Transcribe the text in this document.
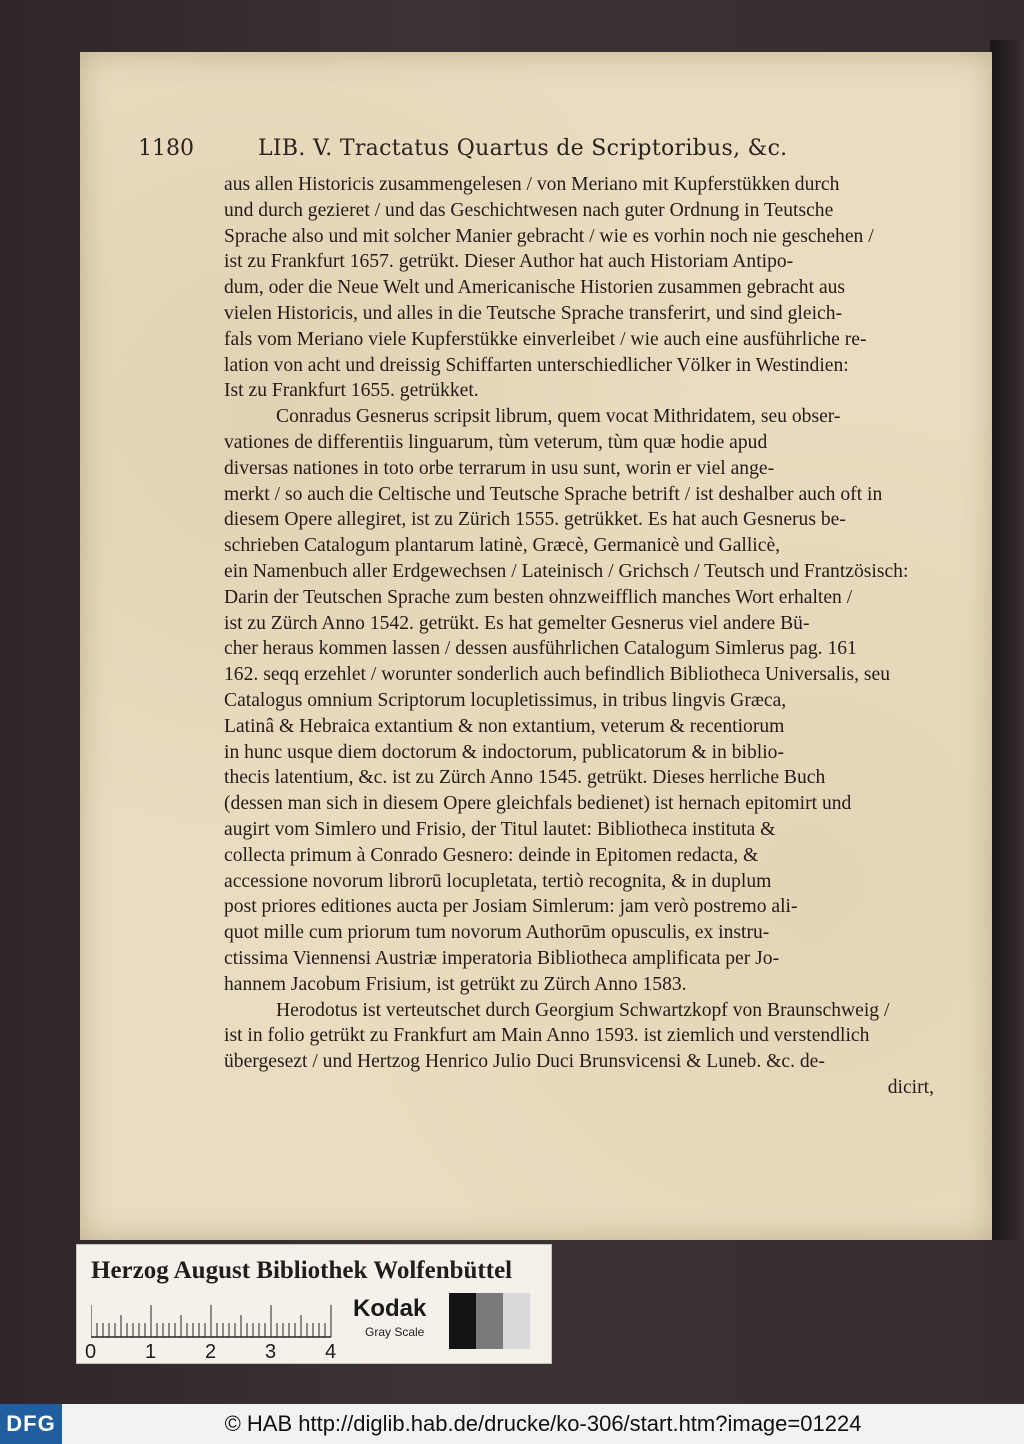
1180	LIB. V. Tractatus Quartus de Scriptoribus, &c.
aus allen Historicis zusammengelesen / von Meriano mit Kupferstükken durch
und durch gezieret / und das Geschichtwesen nach guter Ordnung in Teutsche
Sprache also und mit solcher Manier gebracht / wie es vorhin noch nie geschehen /
ist zu Frankfurt 1657. getrükt. Dieser Author hat auch Historiam Antipo-
dum, oder die Neue Welt und Americanische Historien zusammen gebracht aus
vielen Historicis, und alles in die Teutsche Sprache transferirt, und sind gleich-
fals vom Meriano viele Kupferstükke einverleibet / wie auch eine ausführliche re-
lation von acht und dreissig Schiffarten unterschiedlicher Völker in Westindien:
Ist zu Frankfurt 1655. getrükket.
Conradus Gesnerus scripsit librum, quem vocat Mithridatem, seu obser-
vationes de differentiis linguarum, tùm veterum, tùm quæ hodie apud
diversas nationes in toto orbe terrarum in usu sunt, worin er viel ange-
merkt / so auch die Celtische und Teutsche Sprache betrift / ist deshalber auch oft in
diesem Opere allegiret, ist zu Zürich 1555. getrükket. Es hat auch Gesnerus be-
schrieben Catalogum plantarum latinè, Græcè, Germanicè und Gallicè,
ein Namenbuch aller Erdgewechsen / Lateinisch / Grichsch / Teutsch und Frantzösisch:
Darin der Teutschen Sprache zum besten ohnzweifflich manches Wort erhalten /
ist zu Zürch Anno 1542. getrükt. Es hat gemelter Gesnerus viel andere Bü-
cher heraus kommen lassen / dessen ausführlichen Catalogum Simlerus pag. 161
162. seqq erzehlet / worunter sonderlich auch befindlich Bibliotheca Universalis, seu
Catalogus omnium Scriptorum locupletissimus, in tribus lingvis Græca,
Latinâ & Hebraica extantium & non extantium, veterum & recentiorum
in hunc usque diem doctorum & indoctorum, publicatorum & in biblio-
thecis latentium, &c. ist zu Zürch Anno 1545. getrükt. Dieses herrliche Buch
(dessen man sich in diesem Opere gleichfals bedienet) ist hernach epitomirt und
augirt vom Simlero und Frisio, der Titul lautet: Bibliotheca instituta &
collecta primum à Conrado Gesnero: deinde in Epitomen redacta, &
accessione novorum librorū locupletata, tertiò recognita, & in duplum
post priores editiones aucta per Josiam Simlerum: jam verò postremo ali-
quot mille cum priorum tum novorum Authorūm opusculis, ex instru-
ctissima Viennensi Austriæ imperatoria Bibliotheca amplificata per Jo-
hannem Jacobum Frisium, ist getrükt zu Zürch Anno 1583.
Herodotus ist verteutschet durch Georgium Schwartzkopf von Braunschweig /
ist in folio getrükt zu Frankfurt am Main Anno 1593. ist ziemlich und verstendlich
übergesezt / und Hertzog Henrico Julio Duci Brunsvicensi & Luneb. &c. de-
dicirt,
Herzog August Bibliothek Wolfenbüttel
0 1 2 3 4
Kodak
Gray Scale
DFG	© HAB http://diglib.hab.de/drucke/ko-306/start.htm?image=01224
